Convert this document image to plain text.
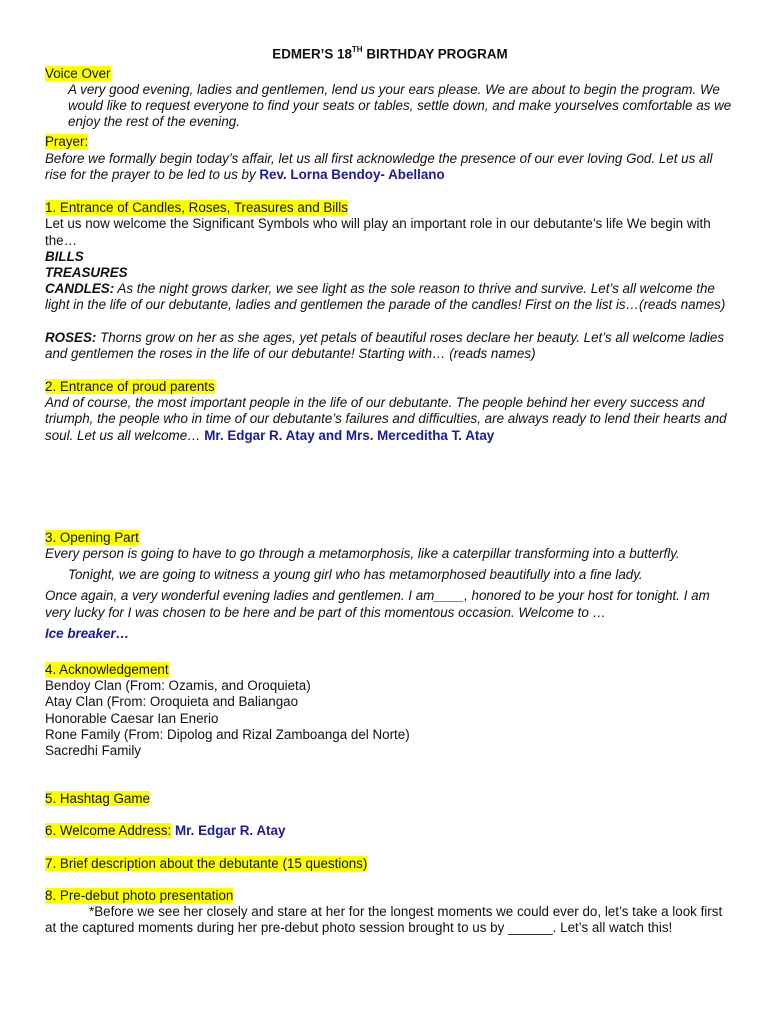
EDMER’S 18TH BIRTHDAY PROGRAM

Voice Over

A very good evening, ladies and gentlemen, lend us your ears please. We are about to begin the program. We would like to request everyone to find your seats or tables, settle down, and make yourselves comfortable as we enjoy the rest of the evening.

Prayer:

Before we formally begin today’s affair, let us all first acknowledge the presence of our ever loving God. Let us all rise for the prayer to be led to us by Rev. Lorna Bendoy- Abellano

1. Entrance of Candles, Roses, Treasures and Bills

Let us now welcome the Significant Symbols who will play an important role in our debutante’s life We begin with the…

BILLS

TREASURES

CANDLES: As the night grows darker, we see light as the sole reason to thrive and survive. Let’s all welcome the light in the life of our debutante, ladies and gentlemen the parade of the candles! First on the list is…(reads names)

ROSES: Thorns grow on her as she ages, yet petals of beautiful roses declare her beauty. Let’s all welcome ladies and gentlemen the roses in the life of our debutante! Starting with… (reads names)

2. Entrance of proud parents

And of course, the most important people in the life of our debutante. The people behind her every success and triumph, the people who in time of our debutante’s failures and difficulties, are always ready to lend their hearts and soul. Let us all welcome… Mr. Edgar R. Atay and Mrs. Merceditha T. Atay

3. Opening Part

Every person is going to have to go through a metamorphosis, like a caterpillar transforming into a butterfly.

Tonight, we are going to witness a young girl who has metamorphosed beautifully into a fine lady.

Once again, a very wonderful evening ladies and gentlemen. I am____, honored to be your host for tonight. I am very lucky for I was chosen to be here and be part of this momentous occasion. Welcome to …

Ice breaker…

4. Acknowledgement

Bendoy Clan (From: Ozamis, and Oroquieta)

Atay Clan (From: Oroquieta and Baliangao

Honorable Caesar Ian Enerio

Rone Family (From: Dipolog and Rizal Zamboanga del Norte)

Sacredhi Family

5. Hashtag Game

6. Welcome Address: Mr. Edgar R. Atay

7. Brief description about the debutante (15 questions)

8. Pre-debut photo presentation

*Before we see her closely and stare at her for the longest moments we could ever do, let’s take a look first at the captured moments during her pre-debut photo session brought to us by ______. Let’s all watch this!
